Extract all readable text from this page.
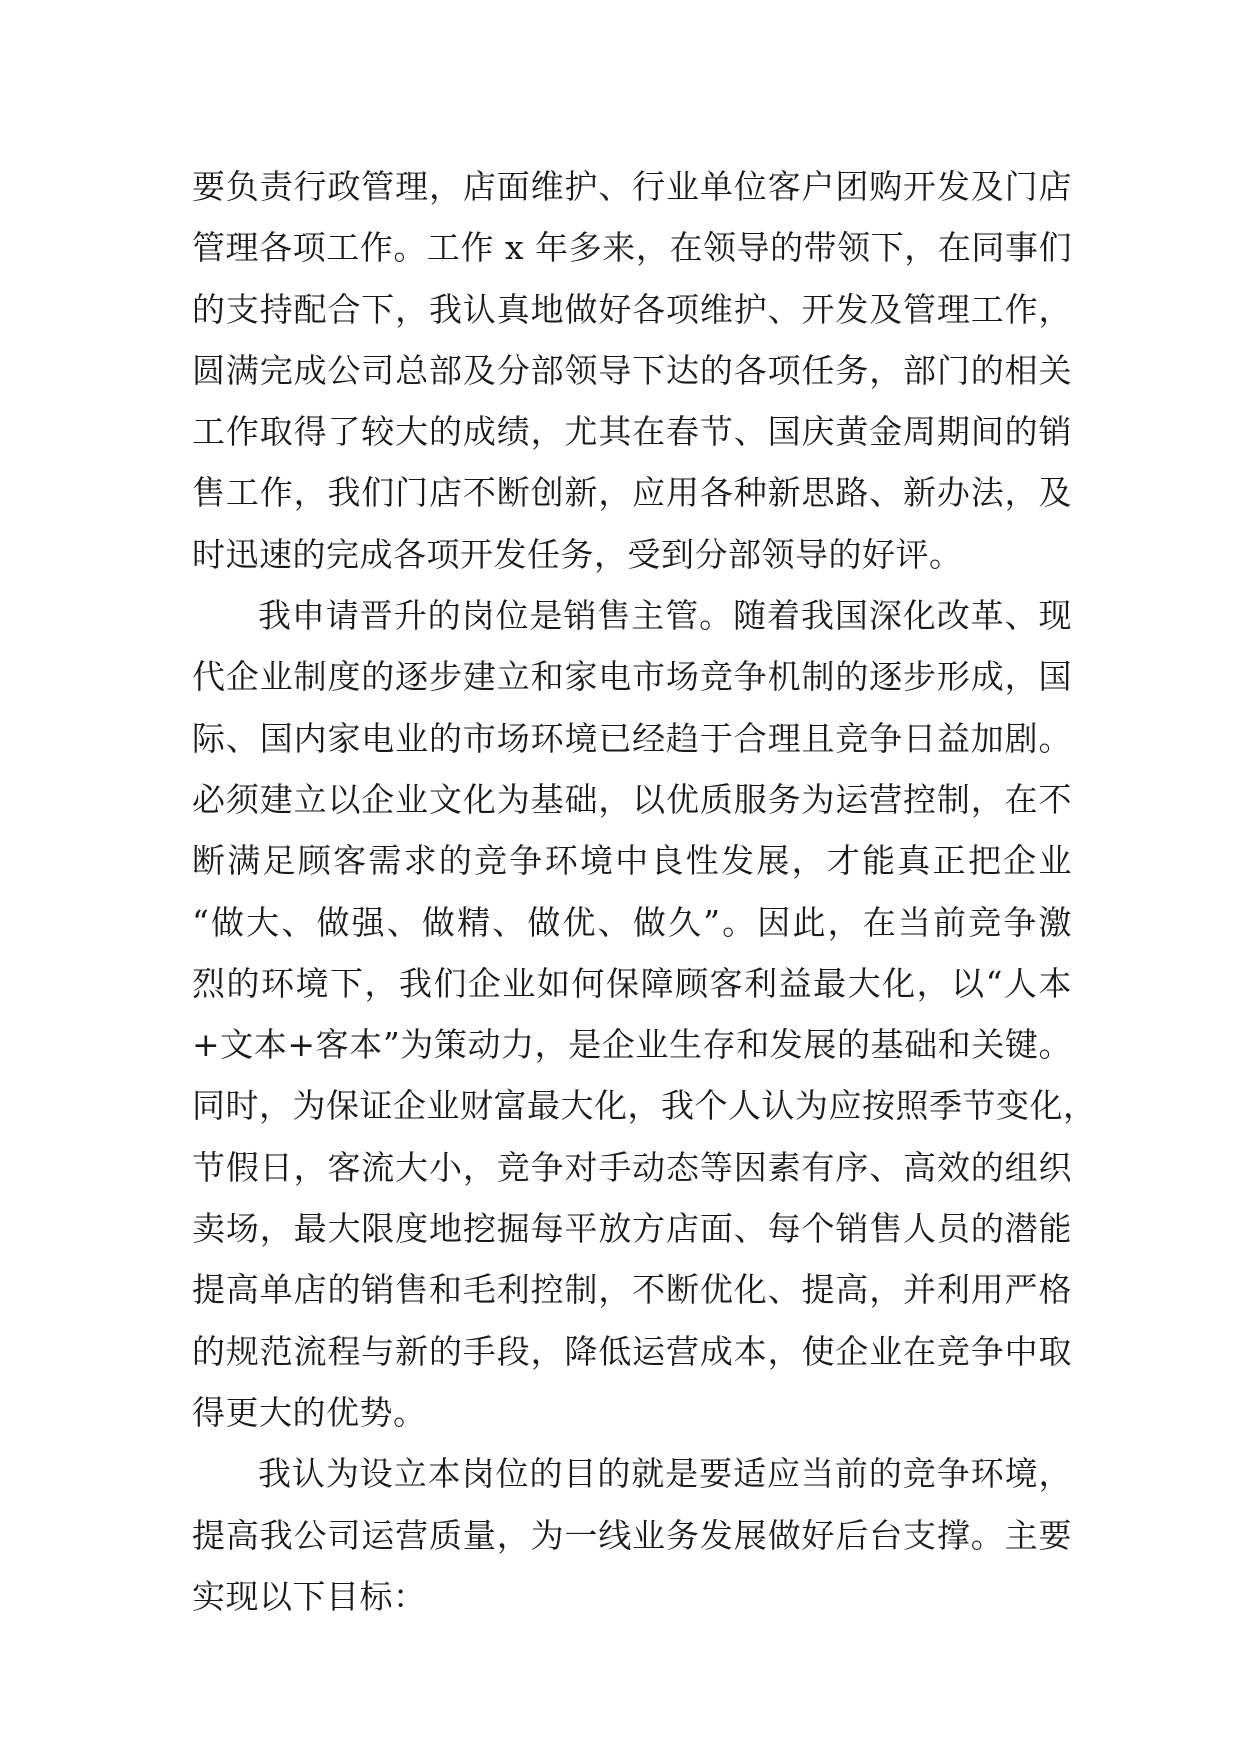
要负责行政管理，店面维护、行业单位客户团购开发及门店
管理各项工作。工作 x 年多来，在领导的带领下，在同事们
的支持配合下，我认真地做好各项维护、开发及管理工作，
圆满完成公司总部及分部领导下达的各项任务，部门的相关
工作取得了较大的成绩，尤其在春节、国庆黄金周期间的销
售工作，我们门店不断创新，应用各种新思路、新办法，及
时迅速的完成各项开发任务，受到分部领导的好评。
我申请晋升的岗位是销售主管。随着我国深化改革、现
代企业制度的逐步建立和家电市场竞争机制的逐步形成，国
际、国内家电业的市场环境已经趋于合理且竞争日益加剧。
必须建立以企业文化为基础，以优质服务为运营控制，在不
断满足顾客需求的竞争环境中良性发展，才能真正把企业
“做大、做强、做精、做优、做久”。因此，在当前竞争激
烈的环境下，我们企业如何保障顾客利益最大化，以“人本
+文本+客本”为策动力，是企业生存和发展的基础和关键。
同时，为保证企业财富最大化，我个人认为应按照季节变化，
节假日，客流大小，竞争对手动态等因素有序、高效的组织
卖场，最大限度地挖掘每平放方店面、每个销售人员的潜能
提高单店的销售和毛利控制，不断优化、提高，并利用严格
的规范流程与新的手段，降低运营成本，使企业在竞争中取
得更大的优势。
我认为设立本岗位的目的就是要适应当前的竞争环境，
提高我公司运营质量，为一线业务发展做好后台支撑。主要
实现以下目标：
